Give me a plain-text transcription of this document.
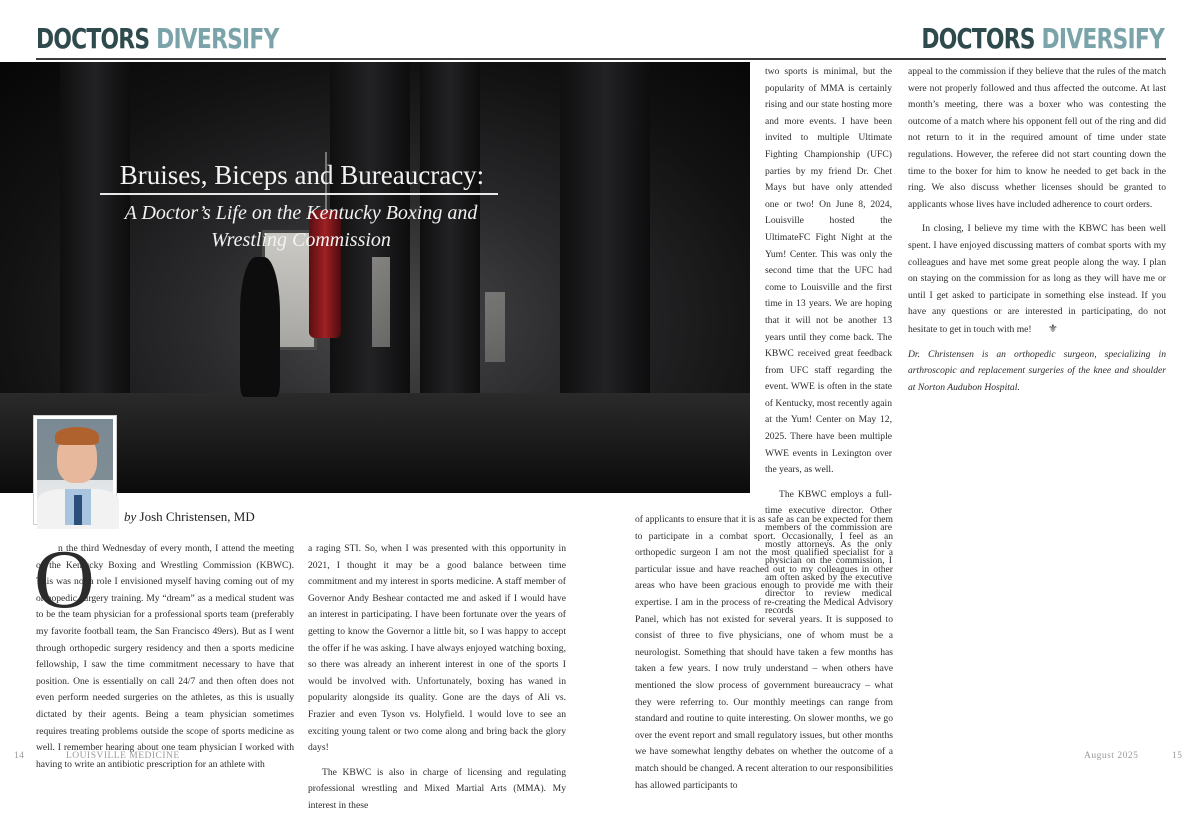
DOCTORS DIVERSIFY	DOCTORS DIVERSIFY
Bruises, Biceps and Bureaucracy:
A Doctor’s Life on the Kentucky Boxing and Wrestling Commission
by Josh Christensen, MD
O

n the third Wednesday of every month, I attend the meeting of the Kentucky Boxing and Wrestling Commission (KBWC). This was not a role I envisioned myself having coming out of my orthopedic surgery training. My “dream” as a medical student was to be the team physician for a professional sports team (preferably my favorite football team, the San Francisco 49ers). But as I went through orthopedic surgery residency and then a sports medicine fellowship, I saw the time commitment necessary to have that position. One is essentially on call 24/7 and then often does not even perform needed surgeries on the athletes, as this is usually dictated by their agents. Being a team physician sometimes requires treating problems outside the scope of sports medicine as well. I remember hearing about one team physician I worked with having to write an antibiotic prescription for an athlete with

a raging STI. So, when I was presented with this opportunity in 2021, I thought it may be a good balance between time commitment and my interest in sports medicine. A staff member of Governor Andy Beshear contacted me and asked if I would have an interest in participating. I have been fortunate over the years of getting to know the Governor a little bit, so I was happy to accept the offer if he was asking. I have always enjoyed watching boxing, so there was already an inherent interest in one of the sports I would be involved with. Unfortunately, boxing has waned in popularity alongside its quality. Gone are the days of Ali vs. Frazier and even Tyson vs. Holyfield. I would love to see an exciting young talent or two come along and bring back the glory days!

The KBWC is also in charge of licensing and regulating professional wrestling and Mixed Martial Arts (MMA). My interest in these

two sports is minimal, but the popularity of MMA is certainly rising and our state hosting more and more events. I have been invited to multiple Ultimate Fighting Championship (UFC) parties by my friend Dr. Chet Mays but have only attended one or two! On June 8, 2024, Louisville hosted the UltimateFC Fight Night at the Yum! Center. This was only the second time that the UFC had come to Louisville and the first time in 13 years. We are hoping that it will not be another 13 years until they come back. The KBWC received great feedback from UFC staff regarding the event. WWE is often in the state of Kentucky, most recently again at the Yum! Center on May 12, 2025. There have been multiple WWE events in Lexington over the years, as well.

The KBWC employs a full-time executive director. Other members of the commission are mostly attorneys. As the only physician on the commission, I am often asked by the executive director to review medical records

of applicants to ensure that it is as safe as can be expected for them to participate in a combat sport. Occasionally, I feel as an orthopedic surgeon I am not the most qualified specialist for a particular issue and have reached out to my colleagues in other areas who have been gracious enough to provide me with their expertise. I am in the process of re-creating the Medical Advisory Panel, which has not existed for several years. It is supposed to consist of three to five physicians, one of whom must be a neurologist. Something that should have taken a few months has taken a few years. I now truly understand – when others have mentioned the slow process of government bureaucracy – what they were referring to. Our monthly meetings can range from standard and routine to quite interesting. On slower months, we go over the event report and small regulatory issues, but other months we have somewhat lengthy debates on whether the outcome of a match should be changed. A recent alteration to our responsibilities has allowed participants to

appeal to the commission if they believe that the rules of the match were not properly followed and thus affected the outcome. At last month’s meeting, there was a boxer who was contesting the outcome of a match where his opponent fell out of the ring and did not return to it in the required amount of time under state regulations. However, the referee did not start counting down the time to the boxer for him to know he needed to get back in the ring. We also discuss whether licenses should be granted to applicants whose lives have included adherence to court orders.

In closing, I believe my time with the KBWC has been well spent. I have enjoyed discussing matters of combat sports with my colleagues and have met some great people along the way. I plan on staying on the commission for as long as they will have me or until I get asked to participate in something else instead. If you have any questions or are interested in participating, do not hesitate to get in touch with me! ⚜

Dr. Christensen is an orthopedic surgeon, specializing in arthroscopic and replacement surgeries of the knee and shoulder at Norton Audubon Hospital.

14	LOUISVILLE MEDICINE	August 2025	15
